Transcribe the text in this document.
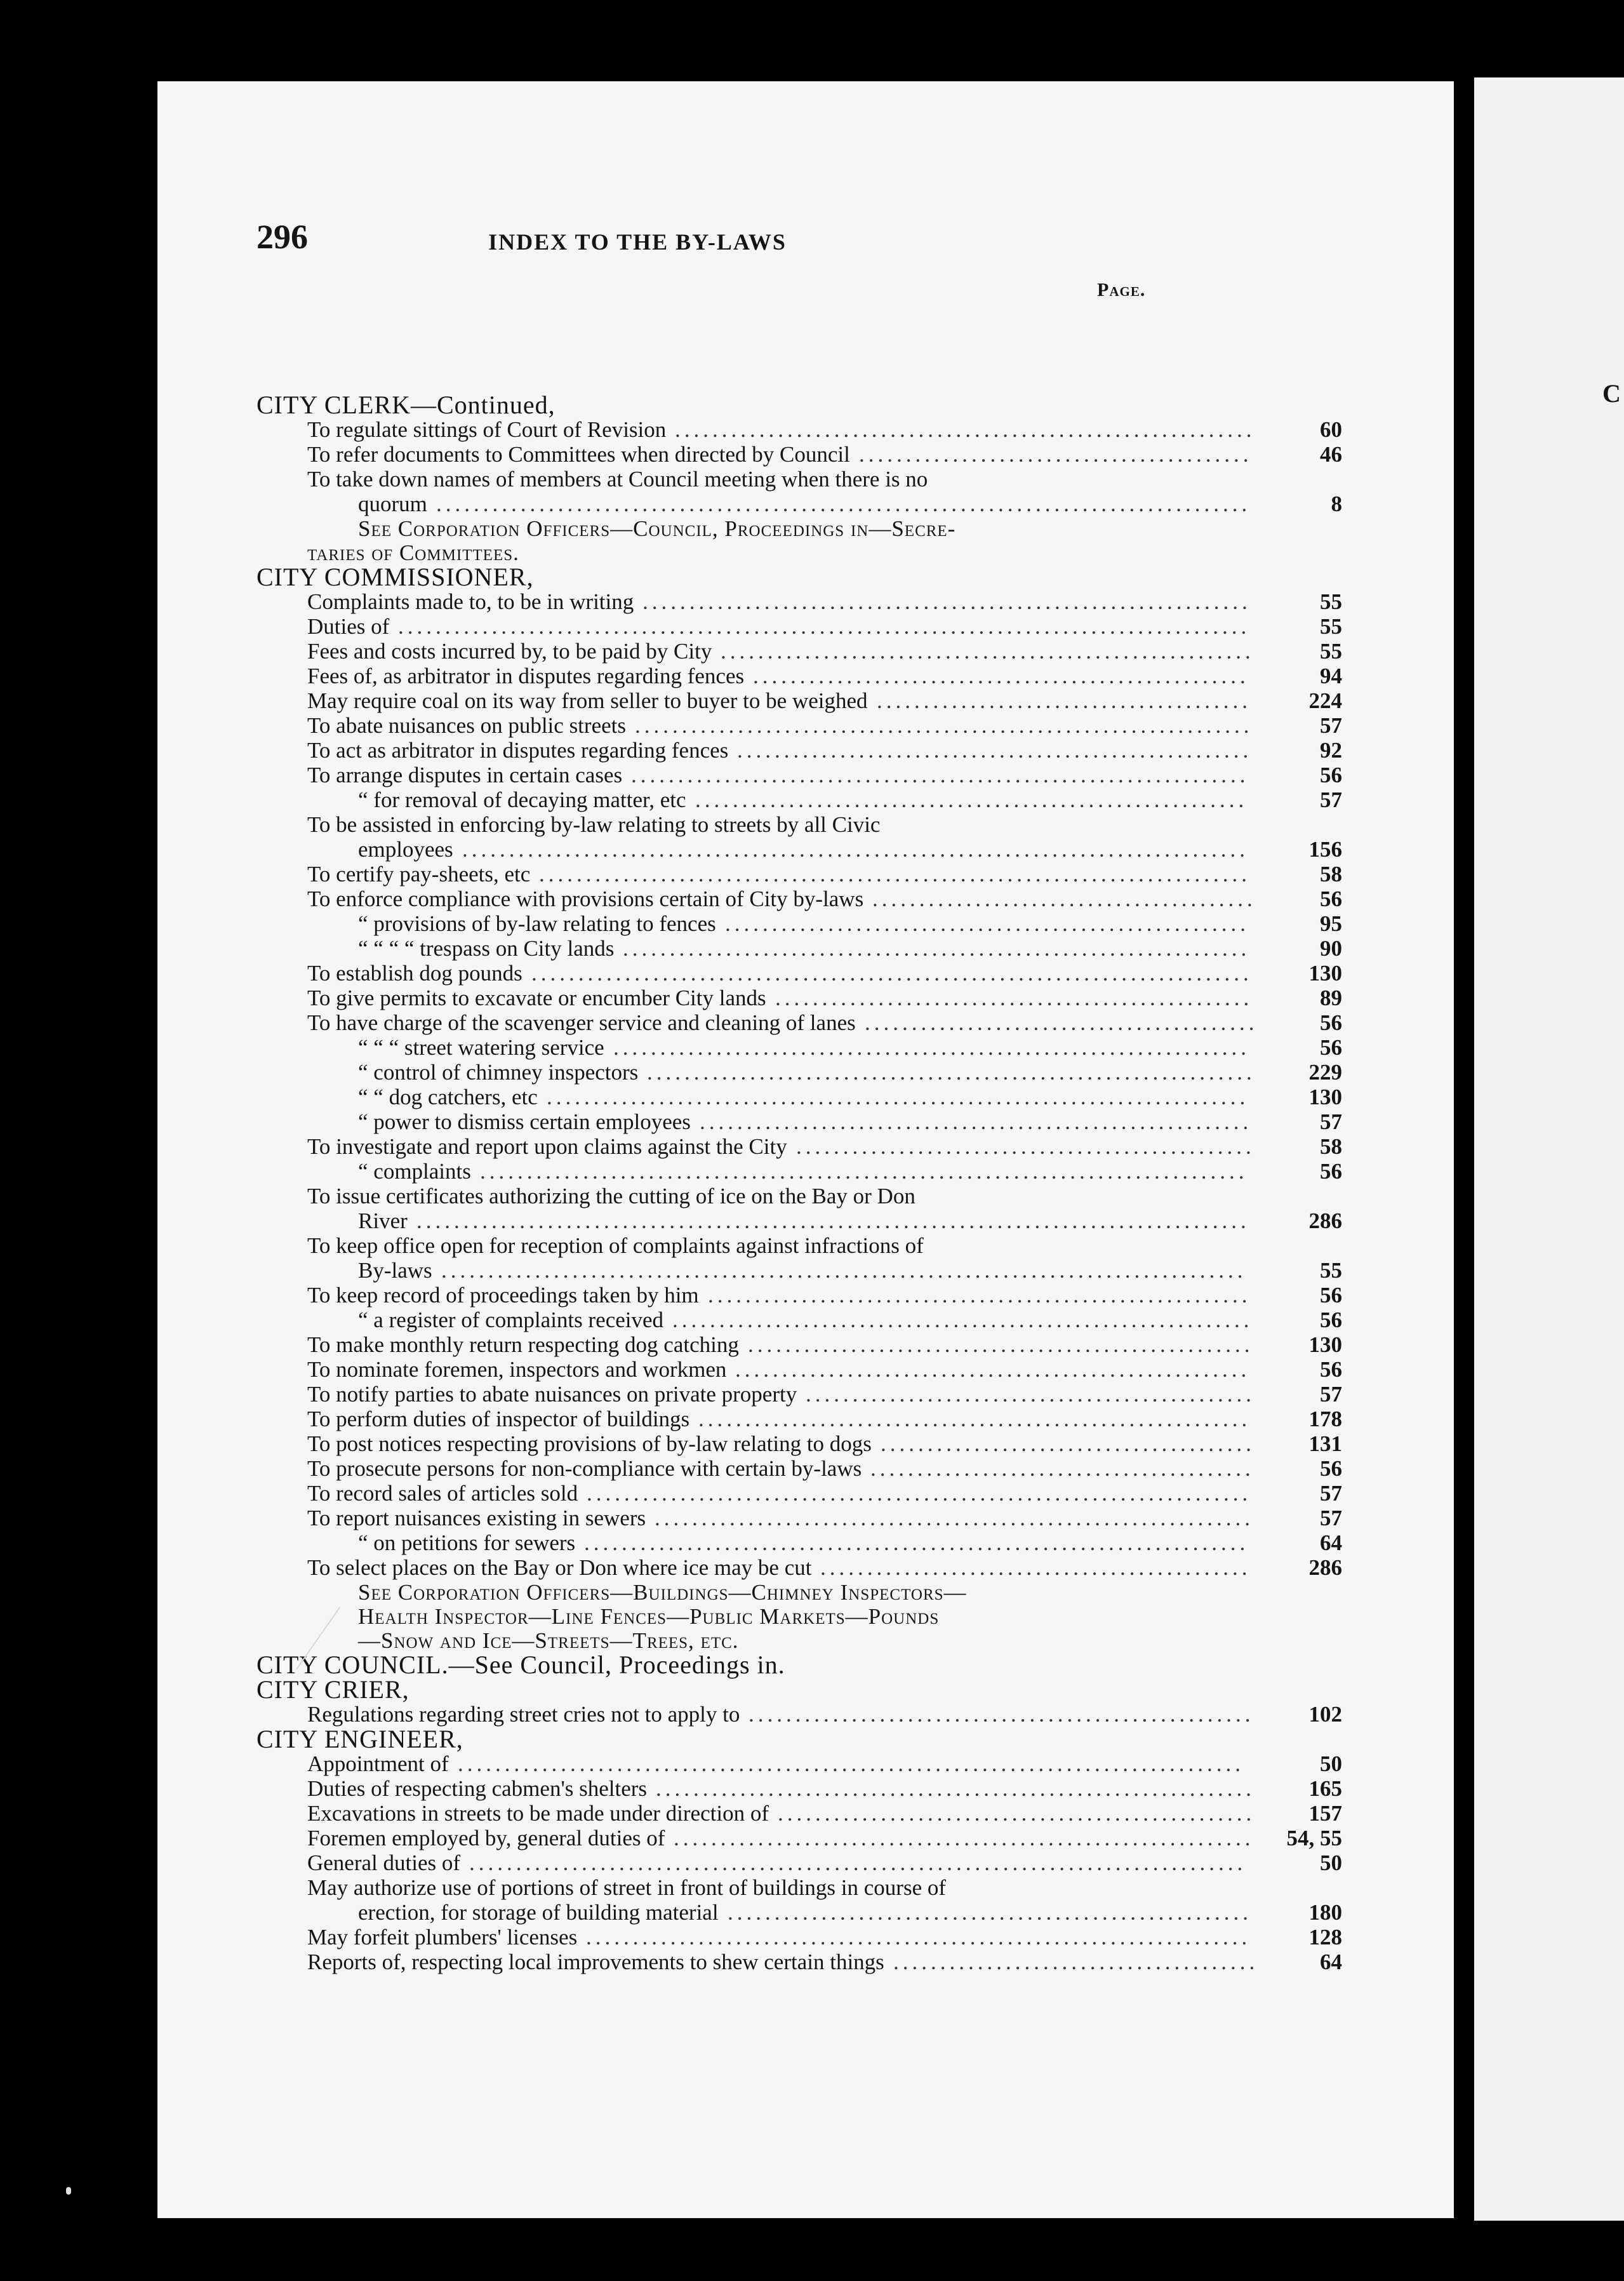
C
296	INDEX TO THE BY-LAWS
Page.
CITY CLERK—Continued,
To regulate sittings of Court of Revision ..............................................................	60
To refer documents to Committees when directed by Council ..........................................	46
To take down names of members at Council meeting when there is no
quorum .......................................................................................	8
See Corporation Officers—Council, Proceedings in—Secre-
taries of Committees.
CITY COMMISSIONER,
Complaints made to, to be in writing .................................................................	55
Duties of ...........................................................................................	55
Fees and costs incurred by, to be paid by City .........................................................	55
Fees of, as arbitrator in disputes regarding fences .....................................................	94
May require coal on its way from seller to buyer to be weighed ........................................	224
To abate nuisances on public streets ..................................................................	57
To act as arbitrator in disputes regarding fences .......................................................	92
To arrange disputes in certain cases ..................................................................	56
“ for removal of decaying matter, etc ...........................................................	57
To be assisted in enforcing by-law relating to streets by all Civic
employees ....................................................................................	156
To certify pay-sheets, etc ............................................................................	58
To enforce compliance with provisions certain of City by-laws .........................................	56
“ provisions of by-law relating to fences ........................................................	95
“ “ “ “ trespass on City lands ...................................................................	90
To establish dog pounds .............................................................................	130
To give permits to excavate or encumber City lands ...................................................	89
To have charge of the scavenger service and cleaning of lanes ..........................................	56
“ “ “ street watering service ....................................................................	56
“ control of chimney inspectors .................................................................	229
“ “ dog catchers, etc ...........................................................................	130
“ power to dismiss certain employees ...........................................................	57
To investigate and report upon claims against the City .................................................	58
“ complaints ..................................................................................	56
To issue certificates authorizing the cutting of ice on the Bay or Don
River .........................................................................................	286
To keep office open for reception of complaints against infractions of
By-laws ......................................................................................	55
To keep record of proceedings taken by him ..........................................................	56
“ a register of complaints received ..............................................................	56
To make monthly return respecting dog catching ......................................................	130
To nominate foremen, inspectors and workmen .......................................................	56
To notify parties to abate nuisances on private property ................................................	57
To perform duties of inspector of buildings ...........................................................	178
To post notices respecting provisions of by-law relating to dogs ........................................	131
To prosecute persons for non-compliance with certain by-laws .........................................	56
To record sales of articles sold .......................................................................	57
To report nuisances existing in sewers ................................................................	57
“ on petitions for sewers .......................................................................	64
To select places on the Bay or Don where ice may be cut ..............................................	286
See Corporation Officers—Buildings—Chimney Inspectors—
Health Inspector—Line Fences—Public Markets—Pounds
—Snow and Ice—Streets—Trees, etc.
CITY COUNCIL.—See Council, Proceedings in.
CITY CRIER,
Regulations regarding street cries not to apply to ......................................................	102
CITY ENGINEER,
Appointment of ....................................................................................	50
Duties of respecting cabmen's shelters ................................................................	165
Excavations in streets to be made under direction of ...................................................	157
Foremen employed by, general duties of ..............................................................	54, 55
General duties of ...................................................................................	50
May authorize use of portions of street in front of buildings in course of
erection, for storage of building material ........................................................	180
May forfeit plumbers' licenses .......................................................................	128
Reports of, respecting local improvements to shew certain things .......................................	64
